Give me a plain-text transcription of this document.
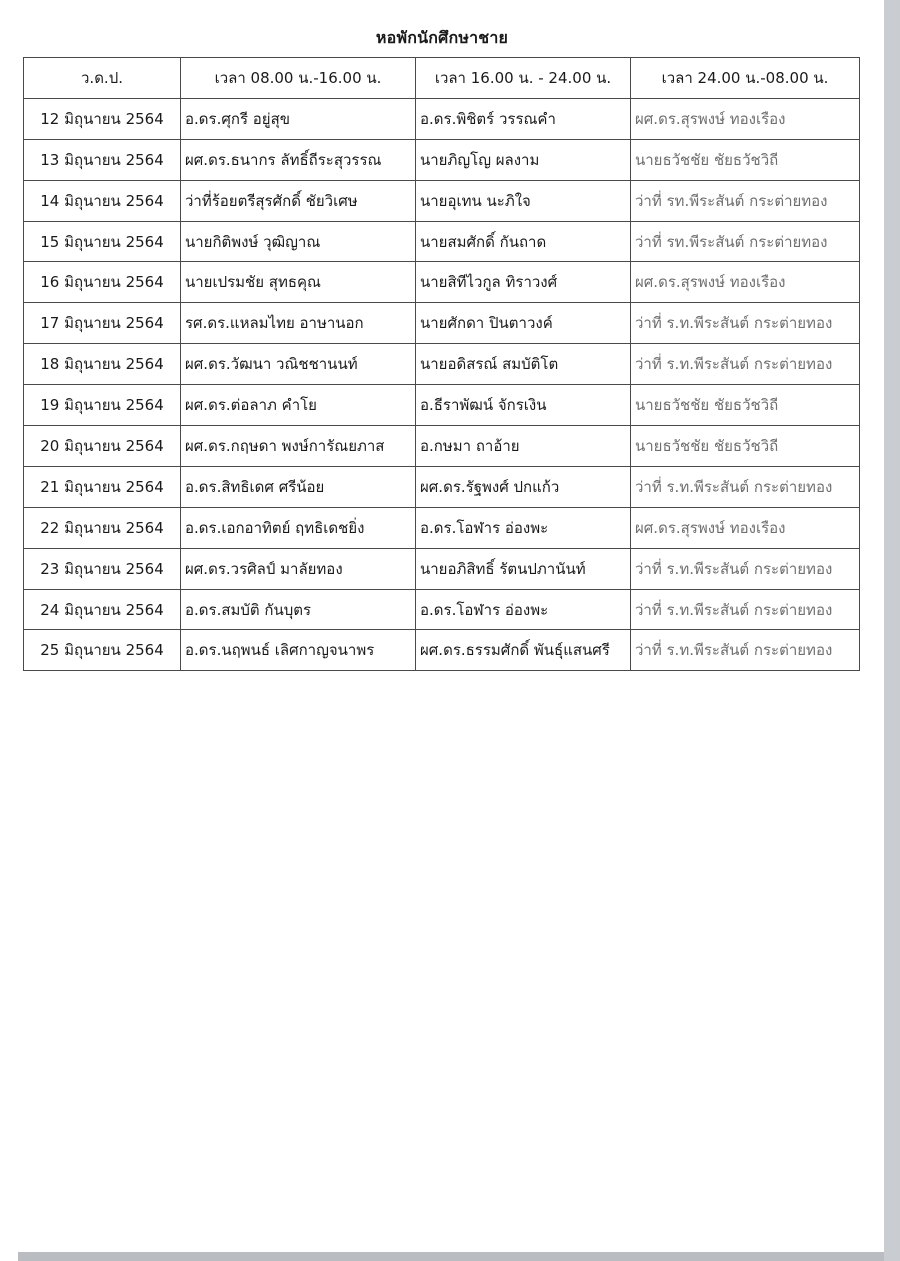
หอพักนักศึกษาชาย
ว.ด.ป.	เวลา 08.00 น.-16.00 น.	เวลา 16.00 น. - 24.00 น.	เวลา 24.00 น.-08.00 น.
12 มิถุนายน 2564	อ.ดร.ศุกรี อยู่สุข	อ.ดร.พิชิตร์ วรรณคำ	ผศ.ดร.สุรพงษ์ ทองเรือง
13 มิถุนายน 2564	ผศ.ดร.ธนากร ลัทธิ์ถีระสุวรรณ	นายภิญโญ ผลงาม	นายธวัชชัย ชัยธวัชวิถี
14 มิถุนายน 2564	ว่าที่ร้อยตรีสุรศักดิ์ ชัยวิเศษ	นายอุเทน นะภิใจ	ว่าที่ รท.พีระสันต์ กระต่ายทอง
15 มิถุนายน 2564	นายกิติพงษ์ วุฒิญาณ	นายสมศักดิ์ กันถาด	ว่าที่ รท.พีระสันต์ กระต่ายทอง
16 มิถุนายน 2564	นายเปรมชัย สุทธคุณ	นายสิทีไวกูล ทิราวงศ์	ผศ.ดร.สุรพงษ์ ทองเรือง
17 มิถุนายน 2564	รศ.ดร.แหลมไทย อาษานอก	นายศักดา ปินตาวงค์	ว่าที่ ร.ท.พีระสันต์ กระต่ายทอง
18 มิถุนายน 2564	ผศ.ดร.วัฒนา วณิชชานนท์	นายอดิสรณ์ สมบัติโต	ว่าที่ ร.ท.พีระสันต์ กระต่ายทอง
19 มิถุนายน 2564	ผศ.ดร.ต่อลาภ คำโย	อ.ธีราพัฒน์ จักรเงิน	นายธวัชชัย ชัยธวัชวิถี
20 มิถุนายน 2564	ผศ.ดร.กฤษดา พงษ์การัณยภาส	อ.กษมา ถาอ้าย	นายธวัชชัย ชัยธวัชวิถี
21 มิถุนายน 2564	อ.ดร.สิทธิเดศ ศรีน้อย	ผศ.ดร.รัฐพงศ์ ปกแก้ว	ว่าที่ ร.ท.พีระสันต์ กระต่ายทอง
22 มิถุนายน 2564	อ.ดร.เอกอาทิตย์ ฤทธิเดชยิ่ง	อ.ดร.โอฬาร อ่องพะ	ผศ.ดร.สุรพงษ์ ทองเรือง
23 มิถุนายน 2564	ผศ.ดร.วรศิลป์ มาลัยทอง	นายอภิสิทธิ์ รัตนปภานันท์	ว่าที่ ร.ท.พีระสันต์ กระต่ายทอง
24 มิถุนายน 2564	อ.ดร.สมบัติ กันบุตร	อ.ดร.โอฬาร อ่องพะ	ว่าที่ ร.ท.พีระสันต์ กระต่ายทอง
25 มิถุนายน 2564	อ.ดร.นฤพนธ์ เลิศกาญจนาพร	ผศ.ดร.ธรรมศักดิ์ พันธุ์แสนศรี	ว่าที่ ร.ท.พีระสันต์ กระต่ายทอง
